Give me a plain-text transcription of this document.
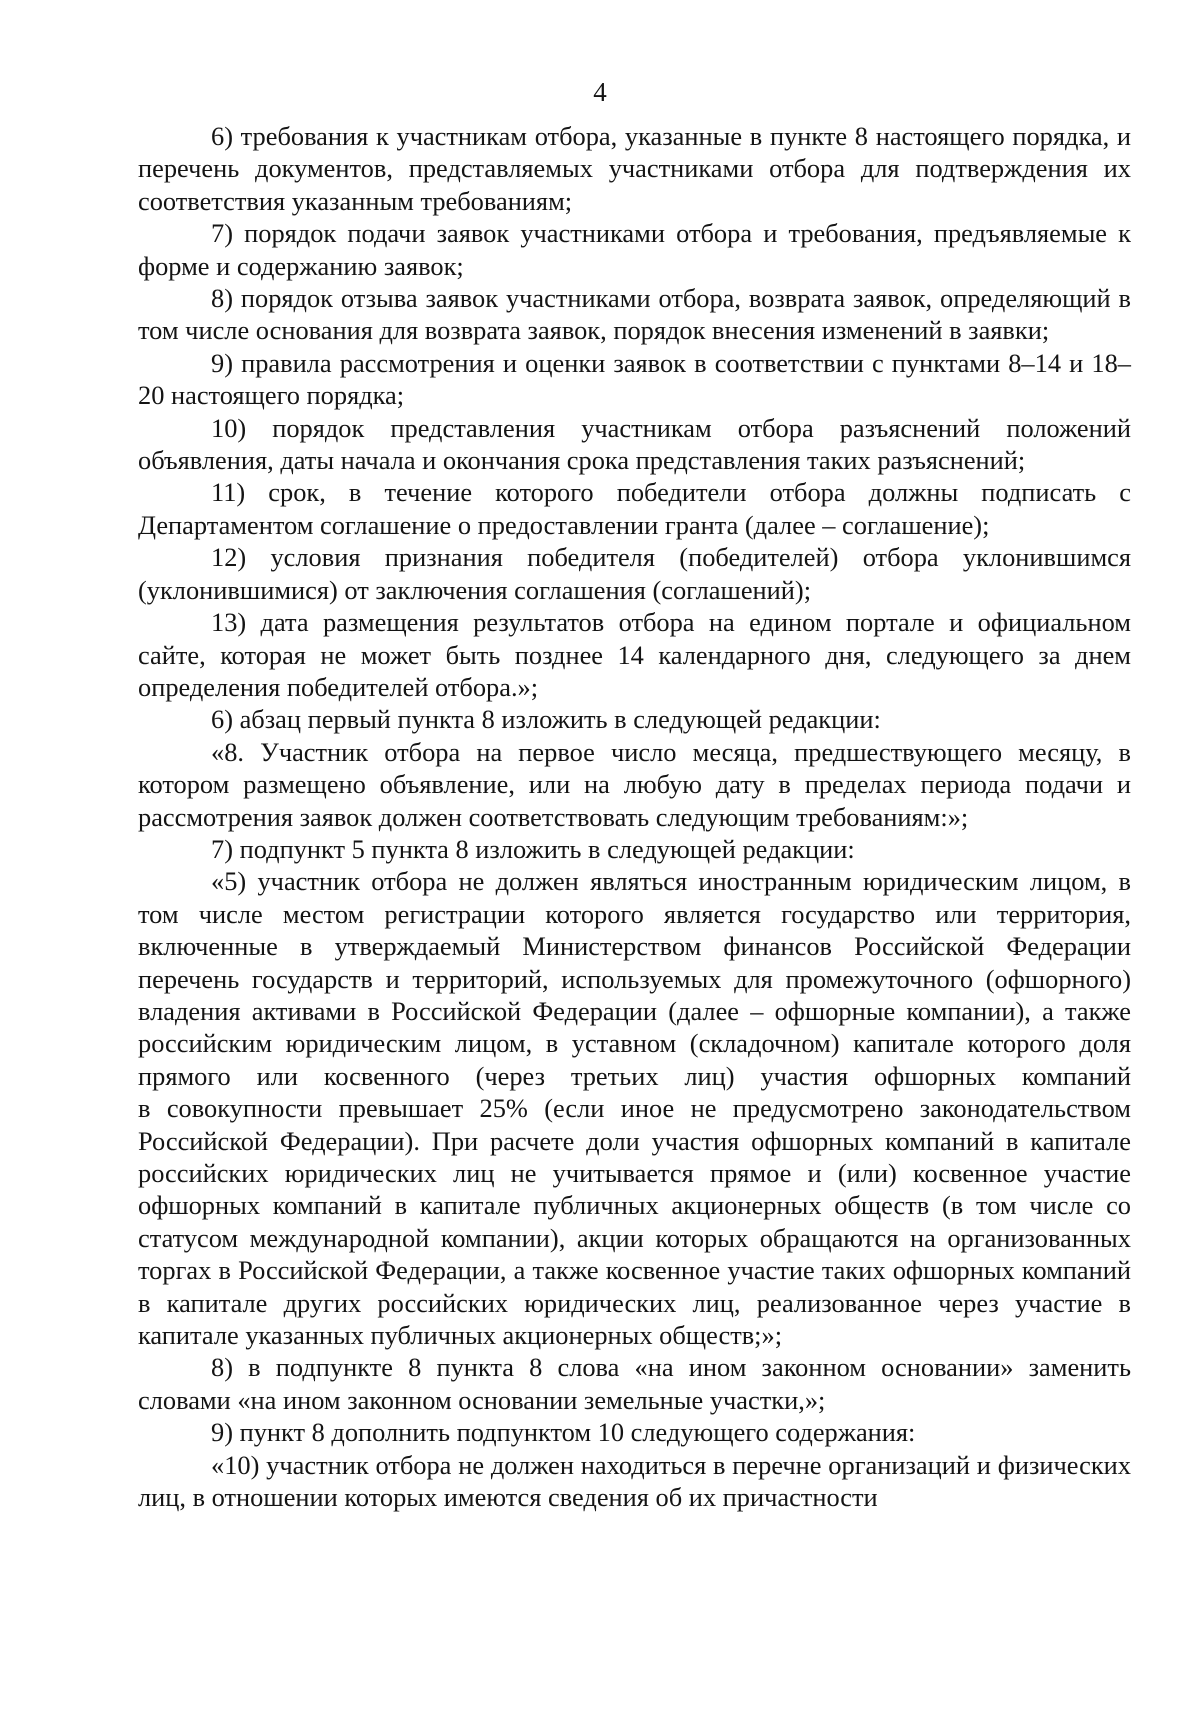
4

6) требования к участникам отбора, указанные в пункте 8 настоящего порядка, и перечень документов, представляемых участниками отбора для подтверждения их соответствия указанным требованиям;

7) порядок подачи заявок участниками отбора и требования, предъявляемые к форме и содержанию заявок;

8) порядок отзыва заявок участниками отбора, возврата заявок, определяющий в том числе основания для возврата заявок, порядок внесения изменений в заявки;

9) правила рассмотрения и оценки заявок в соответствии с пунктами 8–14 и 18–20 настоящего порядка;

10) порядок представления участникам отбора разъяснений положений объявления, даты начала и окончания срока представления таких разъяснений;

11) срок, в течение которого победители отбора должны подписать с Департаментом соглашение о предоставлении гранта (далее – соглашение);

12) условия признания победителя (победителей) отбора уклонившимся (уклонившимися) от заключения соглашения (соглашений);

13) дата размещения результатов отбора на едином портале и официальном сайте, которая не может быть позднее 14 календарного дня, следующего за днем определения победителей отбора.»;

6) абзац первый пункта 8 изложить в следующей редакции:

«8. Участник отбора на первое число месяца, предшествующего месяцу, в котором размещено объявление, или на любую дату в пределах периода подачи и рассмотрения заявок должен соответствовать следующим требованиям:»;

7) подпункт 5 пункта 8 изложить в следующей редакции:

«5) участник отбора не должен являться иностранным юридическим лицом, в том числе местом регистрации которого является государство или территория, включенные в утверждаемый Министерством финансов Российской Федерации перечень государств и территорий, используемых для промежуточного (офшорного) владения активами в Российской Федерации (далее – офшорные компании), а также российским юридическим лицом, в уставном (складочном) капитале которого доля прямого или косвенного (через третьих лиц) участия офшорных компаний в совокупности превышает 25% (если иное не предусмотрено законодательством Российской Федерации). При расчете доли участия офшорных компаний в капитале российских юридических лиц не учитывается прямое и (или) косвенное участие офшорных компаний в капитале публичных акционерных обществ (в том числе со статусом международной компании), акции которых обращаются на организованных торгах в Российской Федерации, а также косвенное участие таких офшорных компаний в капитале других российских юридических лиц, реализованное через участие в капитале указанных публичных акционерных обществ;»;

8) в подпункте 8 пункта 8 слова «на ином законном основании» заменить словами «на ином законном основании земельные участки,»;

9) пункт 8 дополнить подпунктом 10 следующего содержания:

«10) участник отбора не должен находиться в перечне организаций и физических лиц, в отношении которых имеются сведения об их причастности
